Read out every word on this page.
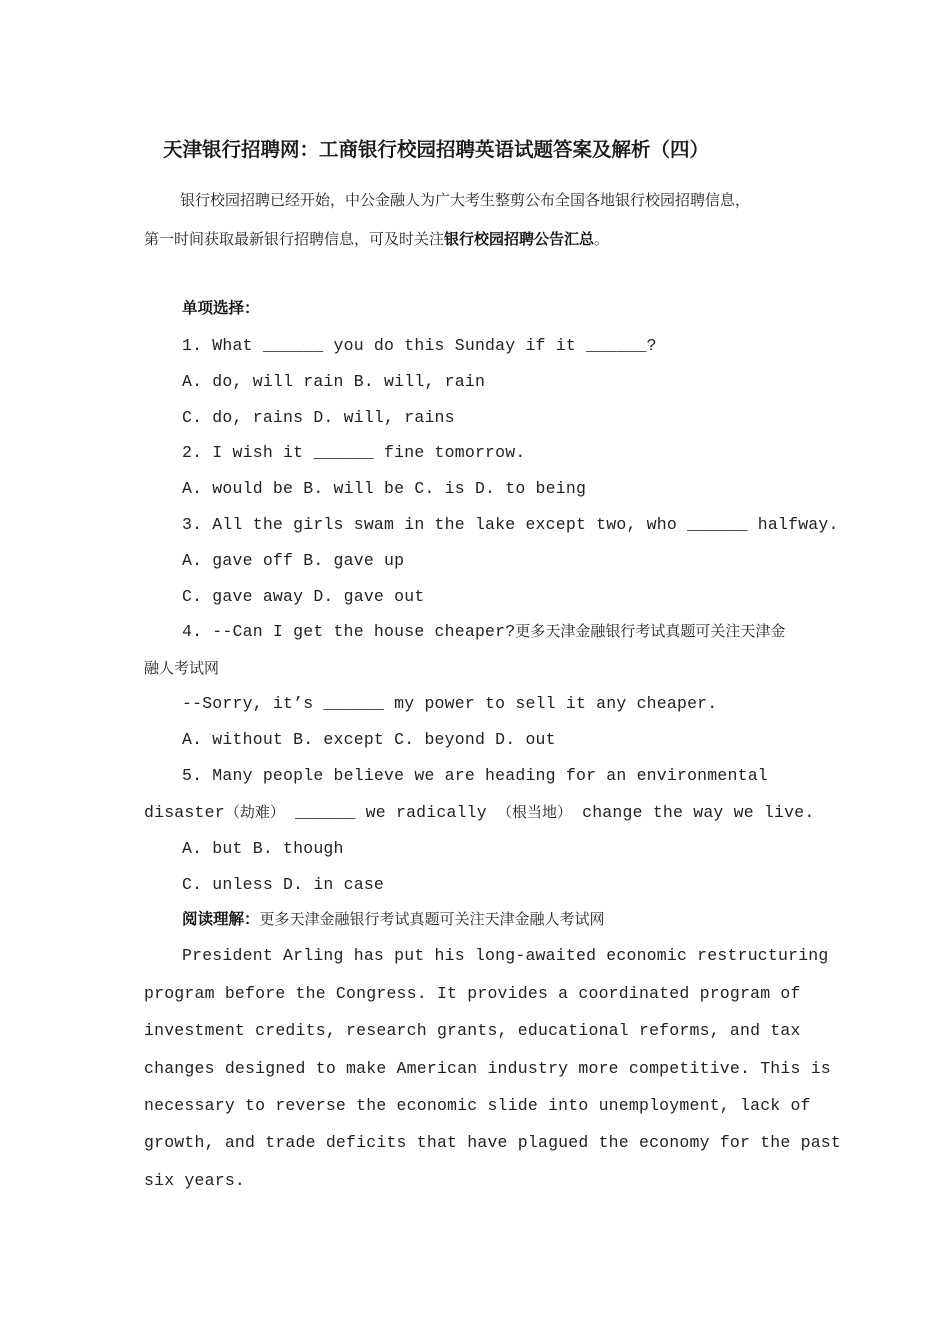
天津银行招聘网：工商银行校园招聘英语试题答案及解析（四）
银行校园招聘已经开始，中公金融人为广大考生整剪公布全国各地银行校园招聘信息，
第一时间获取最新银行招聘信息，可及时关注银行校园招聘公告汇总。
单项选择：
1. What ______ you do this Sunday if it ______?
A. do, will rain B. will, rain
C. do, rains D. will, rains
2. I wish it ______ fine tomorrow.
A. would be B. will be C. is D. to being
3. All the girls swam in the lake except two, who ______ halfway.
A. gave off B. gave up
C. gave away D. gave out
4. --Can I get the house cheaper?更多天津金融银行考试真题可关注天津金
融人考试网
--Sorry, it’s ______ my power to sell it any cheaper.
A. without B. except C. beyond D. out
5. Many people believe we are heading for an environmental
disaster（劫难） ______ we radically （根当地） change the way we live.
A. but B. though
C. unless D. in case
阅读理解：更多天津金融银行考试真题可关注天津金融人考试网
President Arling has put his long-awaited economic restructuring
program before the Congress. It provides a coordinated program of
investment credits, research grants, educational reforms, and tax
changes designed to make American industry more competitive. This is
necessary to reverse the economic slide into unemployment, lack of
growth, and trade deficits that have plagued the economy for the past
six years.
